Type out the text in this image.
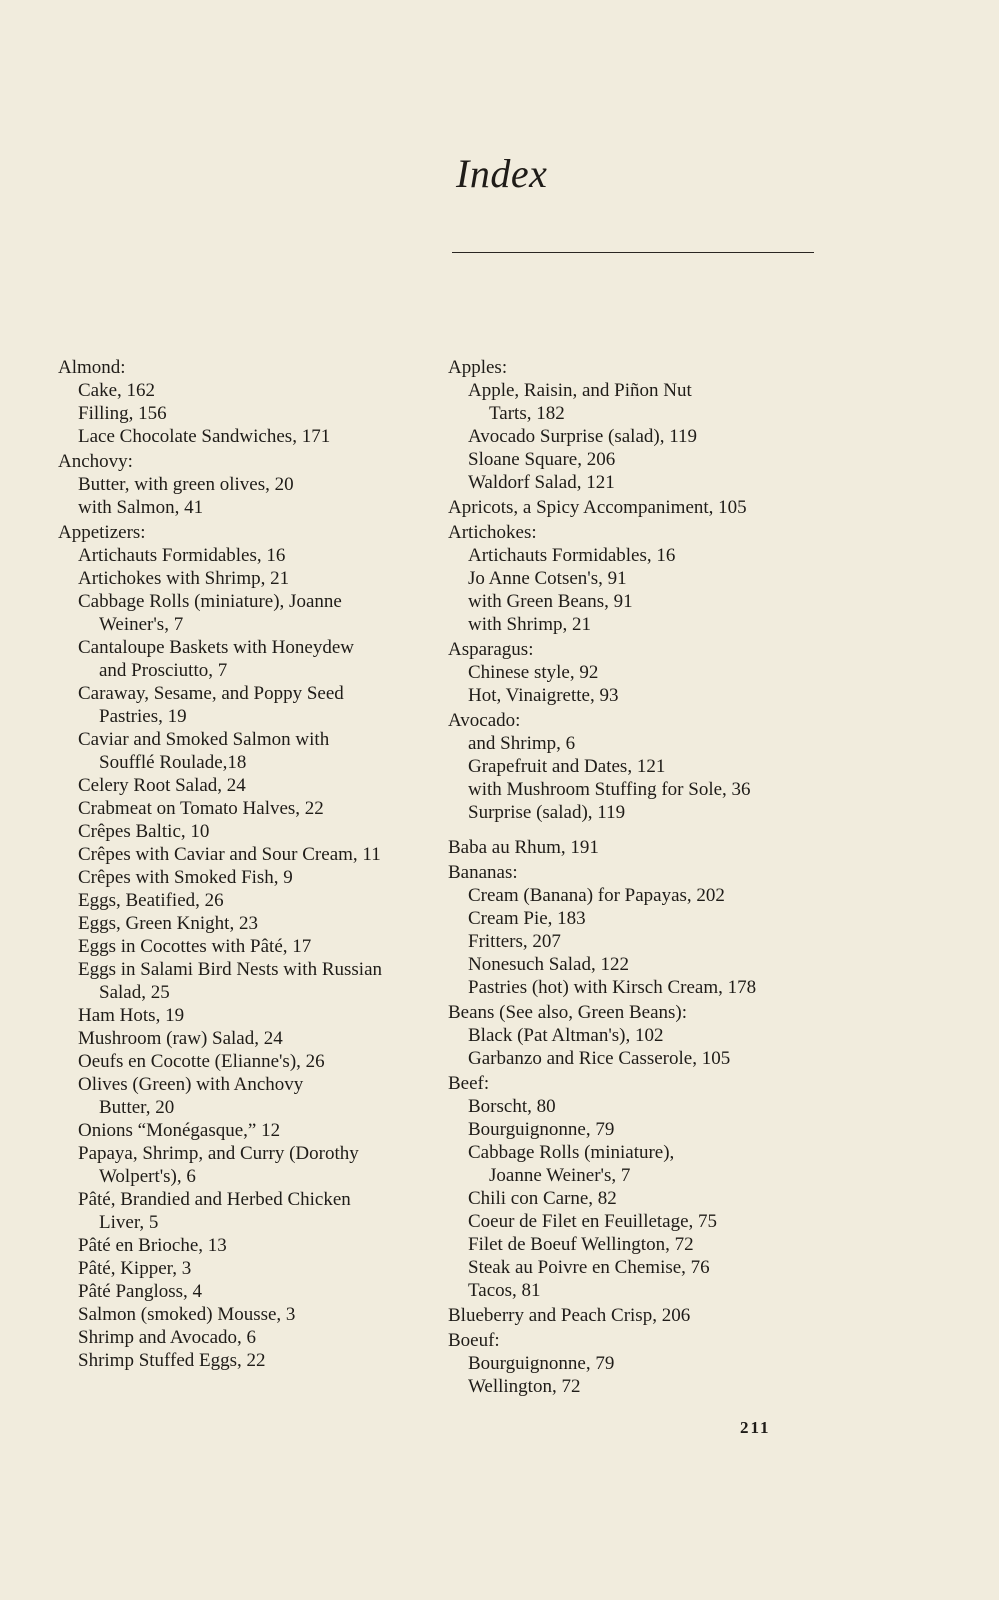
Index
Almond:
Cake, 162
Filling, 156
Lace Chocolate Sandwiches, 171
Anchovy:
Butter, with green olives, 20
with Salmon, 41
Appetizers:
Artichauts Formidables, 16
Artichokes with Shrimp, 21
Cabbage Rolls (miniature), Joanne
Weiner's, 7
Cantaloupe Baskets with Honeydew
and Prosciutto, 7
Caraway, Sesame, and Poppy Seed
Pastries, 19
Caviar and Smoked Salmon with
Soufflé Roulade,18
Celery Root Salad, 24
Crabmeat on Tomato Halves, 22
Crêpes Baltic, 10
Crêpes with Caviar and Sour Cream, 11
Crêpes with Smoked Fish, 9
Eggs, Beatified, 26
Eggs, Green Knight, 23
Eggs in Cocottes with Pâté, 17
Eggs in Salami Bird Nests with Russian
Salad, 25
Ham Hots, 19
Mushroom (raw) Salad, 24
Oeufs en Cocotte (Elianne's), 26
Olives (Green) with Anchovy
Butter, 20
Onions “Monégasque,” 12
Papaya, Shrimp, and Curry (Dorothy
Wolpert's), 6
Pâté, Brandied and Herbed Chicken
Liver, 5
Pâté en Brioche, 13
Pâté, Kipper, 3
Pâté Pangloss, 4
Salmon (smoked) Mousse, 3
Shrimp and Avocado, 6
Shrimp Stuffed Eggs, 22
Apples:
Apple, Raisin, and Piñon Nut
Tarts, 182
Avocado Surprise (salad), 119
Sloane Square, 206
Waldorf Salad, 121
Apricots, a Spicy Accompaniment, 105
Artichokes:
Artichauts Formidables, 16
Jo Anne Cotsen's, 91
with Green Beans, 91
with Shrimp, 21
Asparagus:
Chinese style, 92
Hot, Vinaigrette, 93
Avocado:
and Shrimp, 6
Grapefruit and Dates, 121
with Mushroom Stuffing for Sole, 36
Surprise (salad), 119
Baba au Rhum, 191
Bananas:
Cream (Banana) for Papayas, 202
Cream Pie, 183
Fritters, 207
Nonesuch Salad, 122
Pastries (hot) with Kirsch Cream, 178
Beans (See also, Green Beans):
Black (Pat Altman's), 102
Garbanzo and Rice Casserole, 105
Beef:
Borscht, 80
Bourguignonne, 79
Cabbage Rolls (miniature),
Joanne Weiner's, 7
Chili con Carne, 82
Coeur de Filet en Feuilletage, 75
Filet de Boeuf Wellington, 72
Steak au Poivre en Chemise, 76
Tacos, 81
Blueberry and Peach Crisp, 206
Boeuf:
Bourguignonne, 79
Wellington, 72
211
